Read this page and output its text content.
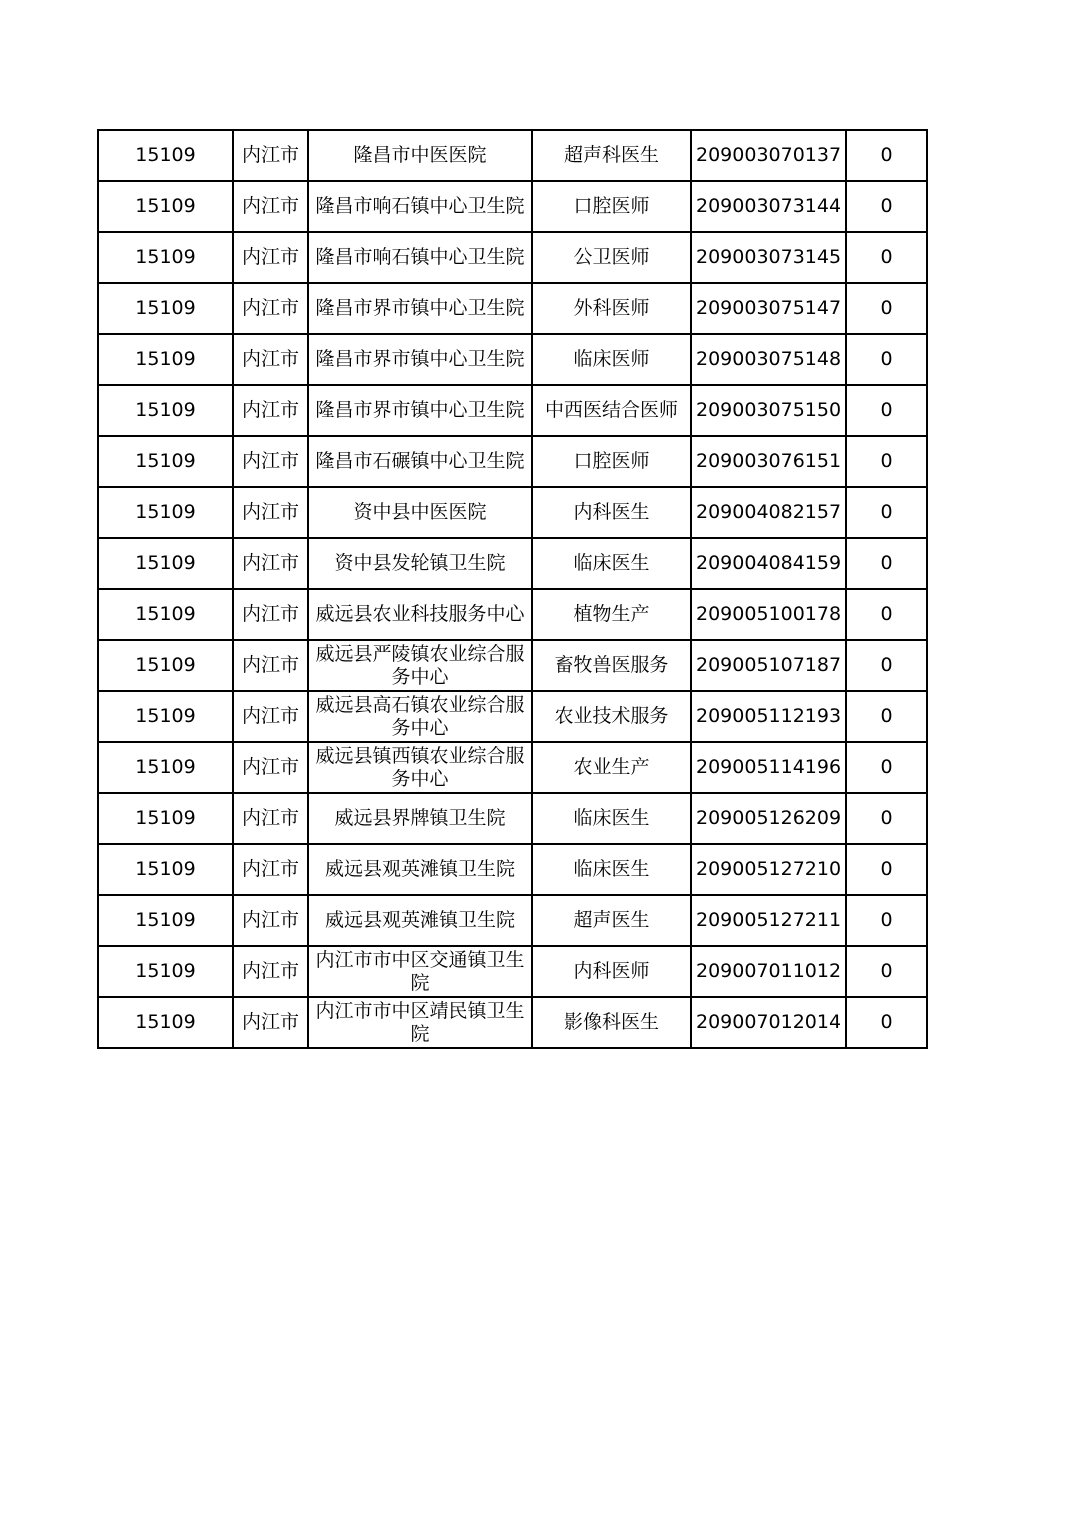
15109	内江市	隆昌市中医医院	超声科医生	209003070137	0

15109	内江市	隆昌市响石镇中心卫生院	口腔医师	209003073144	0

15109	内江市	隆昌市响石镇中心卫生院	公卫医师	209003073145	0

15109	内江市	隆昌市界市镇中心卫生院	外科医师	209003075147	0

15109	内江市	隆昌市界市镇中心卫生院	临床医师	209003075148	0

15109	内江市	隆昌市界市镇中心卫生院	中西医结合医师	209003075150	0

15109	内江市	隆昌市石碾镇中心卫生院	口腔医师	209003076151	0

15109	内江市	资中县中医医院	内科医生	209004082157	0

15109	内江市	资中县发轮镇卫生院	临床医生	209004084159	0

15109	内江市	威远县农业科技服务中心	植物生产	209005100178	0

15109	内江市	威远县严陵镇农业综合服务中心	畜牧兽医服务	209005107187	0

15109	内江市	威远县高石镇农业综合服务中心	农业技术服务	209005112193	0

15109	内江市	威远县镇西镇农业综合服务中心	农业生产	209005114196	0

15109	内江市	威远县界牌镇卫生院	临床医生	209005126209	0

15109	内江市	威远县观英滩镇卫生院	临床医生	209005127210	0

15109	内江市	威远县观英滩镇卫生院	超声医生	209005127211	0

15109	内江市	内江市市中区交通镇卫生院	内科医师	209007011012	0

15109	内江市	内江市市中区靖民镇卫生院	影像科医生	209007012014	0
